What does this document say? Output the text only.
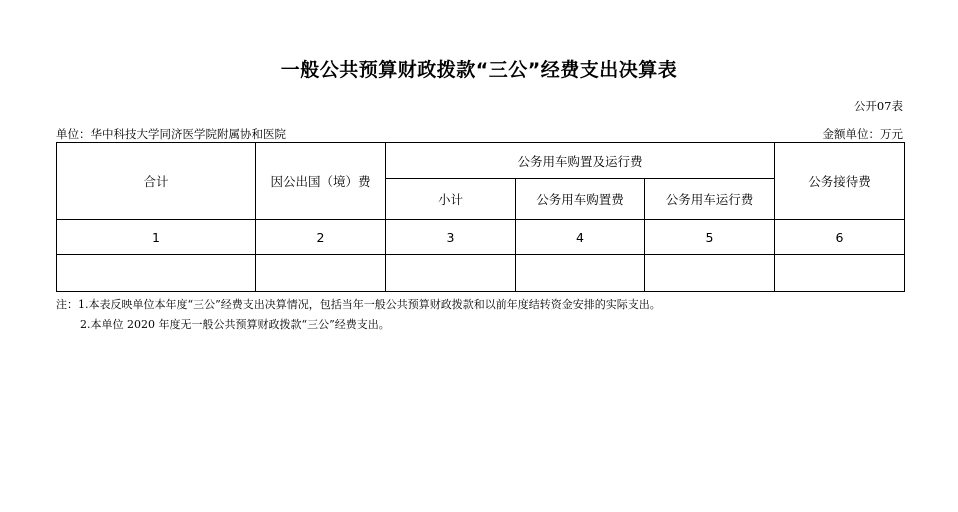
一般公共预算财政拨款“三公”经费支出决算表
公开07表
单位：华中科技大学同济医学院附属协和医院	金额单位：万元
合计	因公出国（境）费	公务用车购置及运行费			公务接待费
		小计	公务用车购置费	公务用车运行费	
1	2	3	4	5	6

注：1.本表反映单位本年度“三公”经费支出决算情况，包括当年一般公共预算财政拨款和以前年度结转资金安排的实际支出。
2.本单位 2020 年度无一般公共预算财政拨款“三公”经费支出。
